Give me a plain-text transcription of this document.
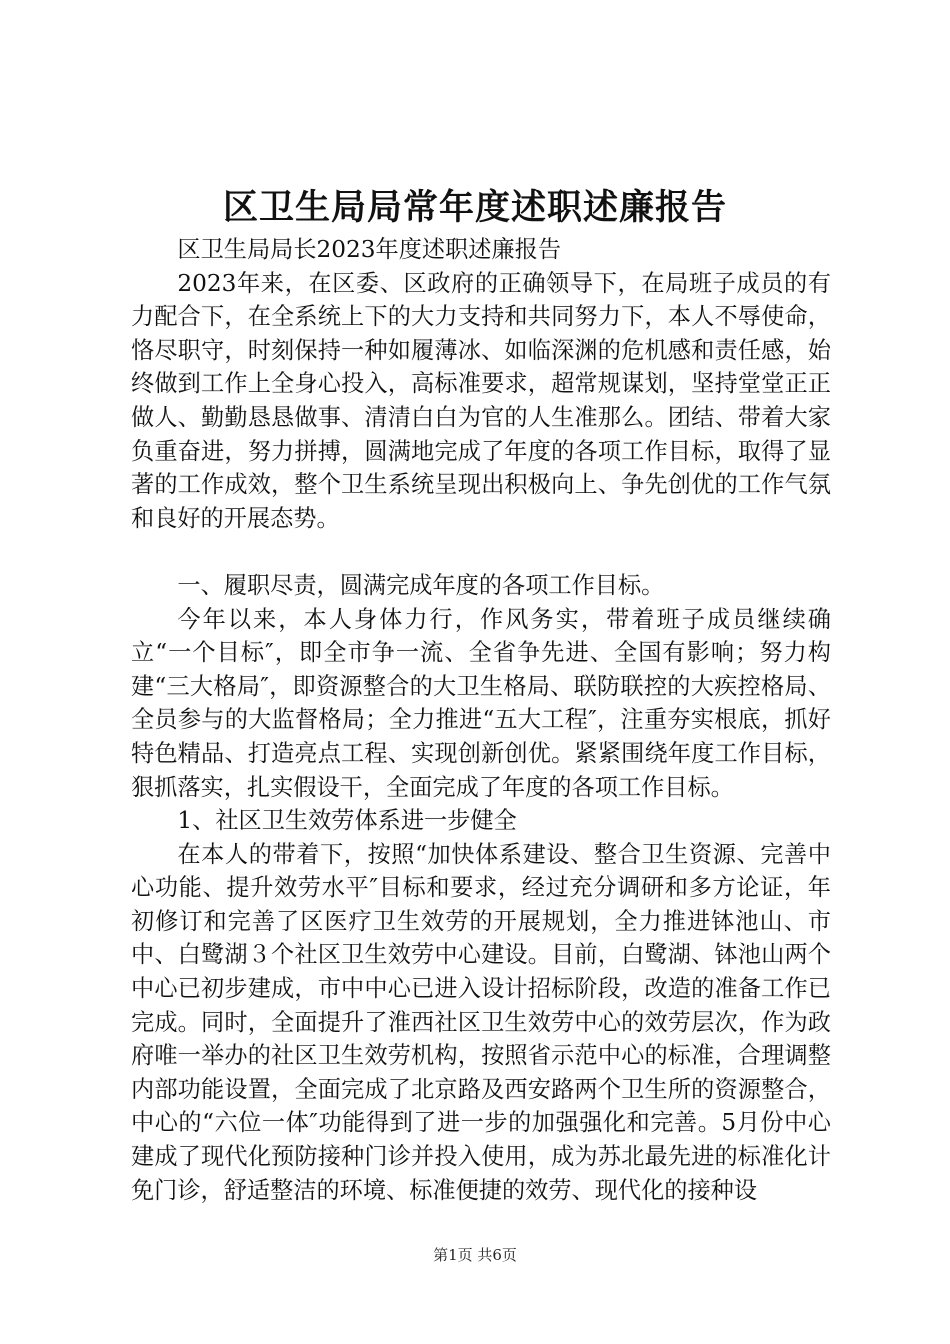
区卫生局局常年度述职述廉报告

区卫生局局长2023年度述职述廉报告

2023年来，在区委、区政府的正确领导下，在局班子成员的有力配合下，在全系统上下的大力支持和共同努力下，本人不辱使命，恪尽职守，时刻保持一种如履薄冰、如临深渊的危机感和责任感，始终做到工作上全身心投入，高标准要求，超常规谋划，坚持堂堂正正做人、勤勤恳恳做事、清清白白为官的人生准那么。团结、带着大家负重奋进，努力拼搏，圆满地完成了年度的各项工作目标，取得了显著的工作成效，整个卫生系统呈现出积极向上、争先创优的工作气氛和良好的开展态势。

一、履职尽责，圆满完成年度的各项工作目标。

今年以来，本人身体力行，作风务实，带着班子成员继续确立“一个目标″，即全市争一流、全省争先进、全国有影响；努力构建“三大格局″，即资源整合的大卫生格局、联防联控的大疾控格局、全员参与的大监督格局；全力推进“五大工程″，注重夯实根底，抓好特色精品、打造亮点工程、实现创新创优。紧紧围绕年度工作目标，狠抓落实，扎实假设干，全面完成了年度的各项工作目标。

1、社区卫生效劳体系进一步健全

在本人的带着下，按照“加快体系建设、整合卫生资源、完善中心功能、提升效劳水平″目标和要求，经过充分调研和多方论证，年初修订和完善了区医疗卫生效劳的开展规划，全力推进钵池山、市中、白鹭湖３个社区卫生效劳中心建设。目前，白鹭湖、钵池山两个中心已初步建成，市中中心已进入设计招标阶段，改造的准备工作已完成。同时，全面提升了淮西社区卫生效劳中心的效劳层次，作为政府唯一举办的社区卫生效劳机构，按照省示范中心的标准，合理调整内部功能设置，全面完成了北京路及西安路两个卫生所的资源整合，中心的“六位一体″功能得到了进一步的加强强化和完善。5月份中心建成了现代化预防接种门诊并投入使用，成为苏北最先进的标准化计免门诊，舒适整洁的环境、标准便捷的效劳、现代化的接种设

第1页 共6页
